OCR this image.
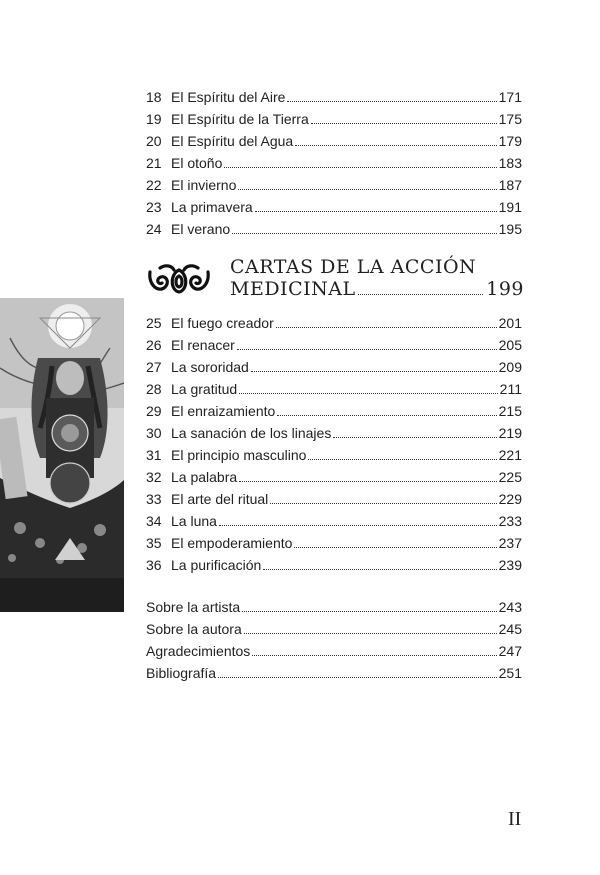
18 El Espíritu del Aire	171
19 El Espíritu de la Tierra	175
20 El Espíritu del Agua	179
21 El otoño	183
22 El invierno	187
23 La primavera	191
24 El verano	195
CARTAS DE LA ACCIÓN
MEDICINAL	199
25 El fuego creador	201
26 El renacer	205
27 La sororidad	209
28 La gratitud	211
29 El enraizamiento	215
30 La sanación de los linajes	219
31 El principio masculino	221
32 La palabra	225
33 El arte del ritual	229
34 La luna	233
35 El empoderamiento	237
36 La purificación	239
Sobre la artista	243
Sobre la autora	245
Agradecimientos	247
Bibliografía	251
II
